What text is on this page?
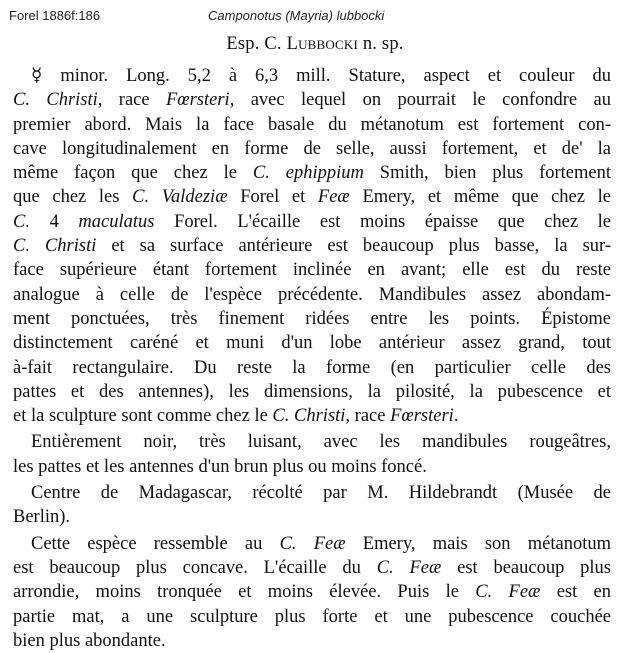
Forel 1886f:186	Camponotus (Mayria) lubbocki
Esp. C. Lubbocki n. sp.
☿ minor. Long. 5,2 à 6,3 mill. Stature, aspect et couleur du
C. Christi, race Fœrsteri, avec lequel on pourrait le confondre au
premier abord. Mais la face basale du métanotum est fortement con-
cave longitudinalement en forme de selle, aussi fortement, et de' la
même façon que chez le C. ephippium Smith, bien plus fortement
que chez les C. Valdeziæ Forel et Feæ Emery, et même que chez le
C. 4 maculatus Forel. L'écaille est moins épaisse que chez le
C. Christi et sa surface antérieure est beaucoup plus basse, la sur-
face supérieure étant fortement inclinée en avant; elle est du reste
analogue à celle de l'espèce précédente. Mandibules assez abondam-
ment ponctuées, très finement ridées entre les points. Épistome
distinctement caréné et muni d'un lobe antérieur assez grand, tout
à-fait rectangulaire. Du reste la forme (en particulier celle des
pattes et des antennes), les dimensions, la pilosité, la pubescence et
et la sculpture sont comme chez le C. Christi, race Fœrsteri.
Entièrement noir, très luisant, avec les mandibules rougeâtres,
les pattes et les antennes d'un brun plus ou moins foncé.
Centre de Madagascar, récolté par M. Hildebrandt (Musée de
Berlin).
Cette espèce ressemble au C. Feæ Emery, mais son métanotum
est beaucoup plus concave. L'écaille du C. Feæ est beaucoup plus
arrondie, moins tronquée et moins élevée. Puis le C. Feæ est en
partie mat, a une sculpture plus forte et une pubescence couchée
bien plus abondante.
